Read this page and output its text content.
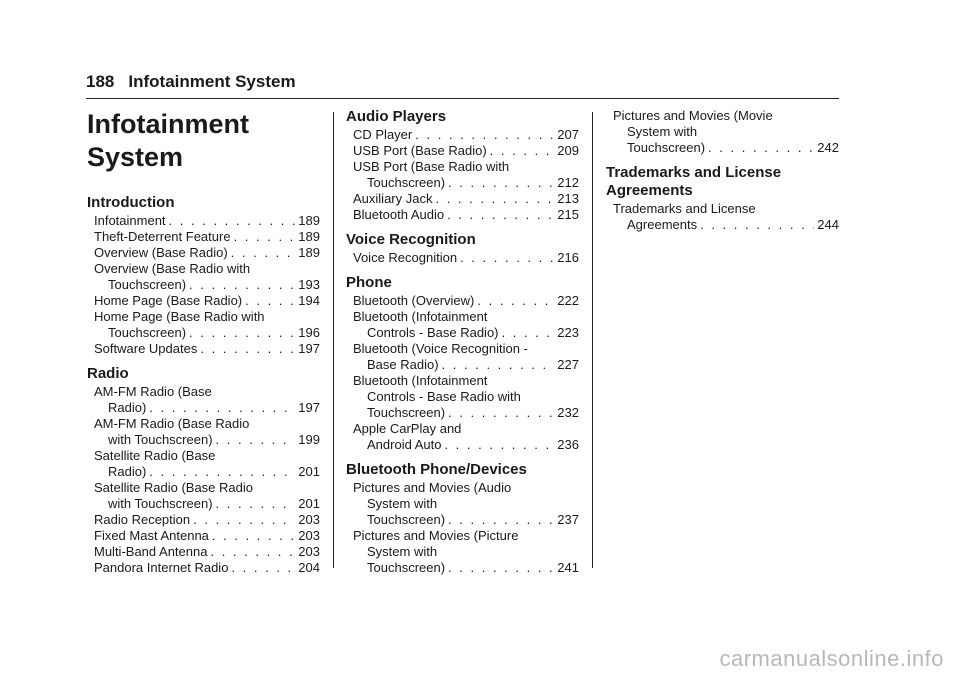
188 Infotainment System
Infotainment
System
Introduction
Infotainment . . .	189
Theft-Deterrent Feature . . .	189
Overview (Base Radio) . . .	189
Overview (Base Radio with
Touchscreen) . . .	193
Home Page (Base Radio) . . .	194
Home Page (Base Radio with
Touchscreen) . . .	196
Software Updates . . .	197
Radio
AM-FM Radio (Base
Radio) . . .	197
AM-FM Radio (Base Radio
with Touchscreen) . . .	199
Satellite Radio (Base
Radio) . . .	201
Satellite Radio (Base Radio
with Touchscreen) . . .	201
Radio Reception . . .	203
Fixed Mast Antenna . . .	203
Multi-Band Antenna . . .	203
Pandora Internet Radio . . .	204
Audio Players
CD Player . . .	207
USB Port (Base Radio) . . .	209
USB Port (Base Radio with
Touchscreen) . . .	212
Auxiliary Jack . . .	213
Bluetooth Audio . . .	215
Voice Recognition
Voice Recognition . . .	216
Phone
Bluetooth (Overview) . . .	222
Bluetooth (Infotainment
Controls - Base Radio) . . .	223
Bluetooth (Voice Recognition -
Base Radio) . . .	227
Bluetooth (Infotainment
Controls - Base Radio with
Touchscreen) . . .	232
Apple CarPlay and
Android Auto . . .	236
Bluetooth Phone/Devices
Pictures and Movies (Audio
System with
Touchscreen) . . .	237
Pictures and Movies (Picture
System with
Touchscreen) . . .	241
Pictures and Movies (Movie
System with
Touchscreen) . . .	242
Trademarks and License Agreements
Trademarks and License
Agreements . . .	244
carmanualsonline.info
